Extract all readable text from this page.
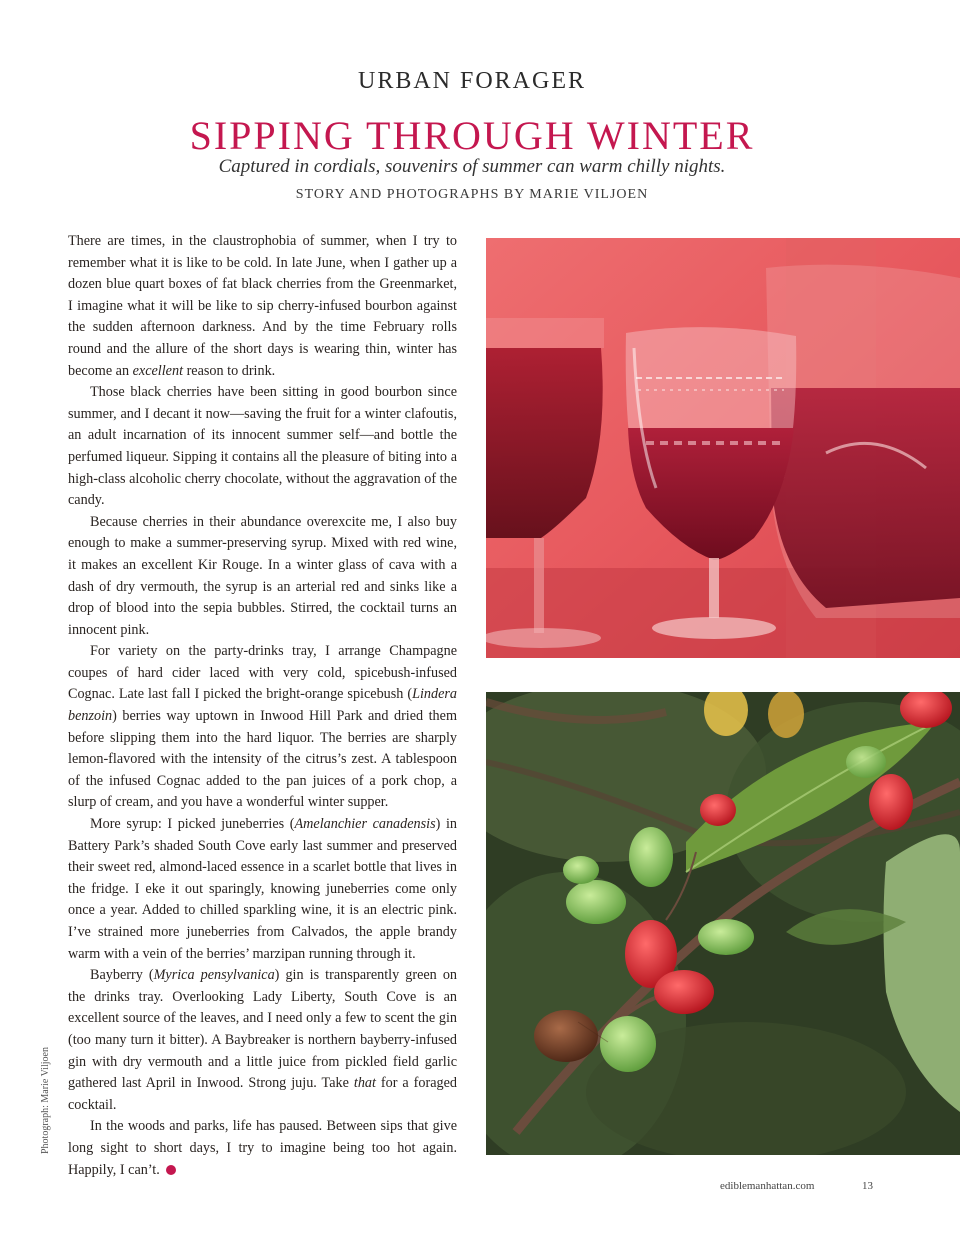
URBAN FORAGER
SIPPING THROUGH WINTER
Captured in cordials, souvenirs of summer can warm chilly nights.
STORY AND PHOTOGRAPHS BY MARIE VILJOEN

There are times, in the claustrophobia of summer, when I try to remember what it is like to be cold. In late June, when I gather up a dozen blue quart boxes of fat black cherries from the Greenmarket, I imagine what it will be like to sip cherry-infused bourbon against the sudden afternoon darkness. And by the time February rolls round and the allure of the short days is wearing thin, winter has become an excellent reason to drink.

Those black cherries have been sitting in good bourbon since summer, and I decant it now—saving the fruit for a winter clafoutis, an adult incarnation of its innocent summer self—and bottle the perfumed liqueur. Sipping it contains all the pleasure of biting into a high-class alcoholic cherry chocolate, without the aggravation of the candy.

Because cherries in their abundance overexcite me, I also buy enough to make a summer-preserving syrup. Mixed with red wine, it makes an excellent Kir Rouge. In a winter glass of cava with a dash of dry vermouth, the syrup is an arterial red and sinks like a drop of blood into the sepia bubbles. Stirred, the cocktail turns an innocent pink.

For variety on the party-drinks tray, I arrange Champagne coupes of hard cider laced with very cold, spicebush-infused Cognac. Late last fall I picked the bright-orange spicebush (Lindera benzoin) berries way uptown in Inwood Hill Park and dried them before slipping them into the hard liquor. The berries are sharply lemon-flavored with the intensity of the citrus’s zest. A tablespoon of the infused Cognac added to the pan juices of a pork chop, a slurp of cream, and you have a wonderful winter supper.

More syrup: I picked juneberries (Amelanchier canadensis) in Battery Park’s shaded South Cove early last summer and preserved their sweet red, almond-laced essence in a scarlet bottle that lives in the fridge. I eke it out sparingly, knowing juneberries come only once a year. Added to chilled sparkling wine, it is an electric pink. I’ve strained more juneberries from Calvados, the apple brandy warm with a vein of the berries’ marzipan running through it.

Bayberry (Myrica pensylvanica) gin is transparently green on the drinks tray. Overlooking Lady Liberty, South Cove is an excellent source of the leaves, and I need only a few to scent the gin (too many turn it bitter). A Baybreaker is northern bayberry-infused gin with dry vermouth and a little juice from pickled field garlic gathered last April in Inwood. Strong juju. Take that for a foraged cocktail.

In the woods and parks, life has paused. Between sips that give long sight to short days, I try to imagine being too hot again. Happily, I can’t.

Photograph: Marie Viljoen
ediblemanhattan.com	13
